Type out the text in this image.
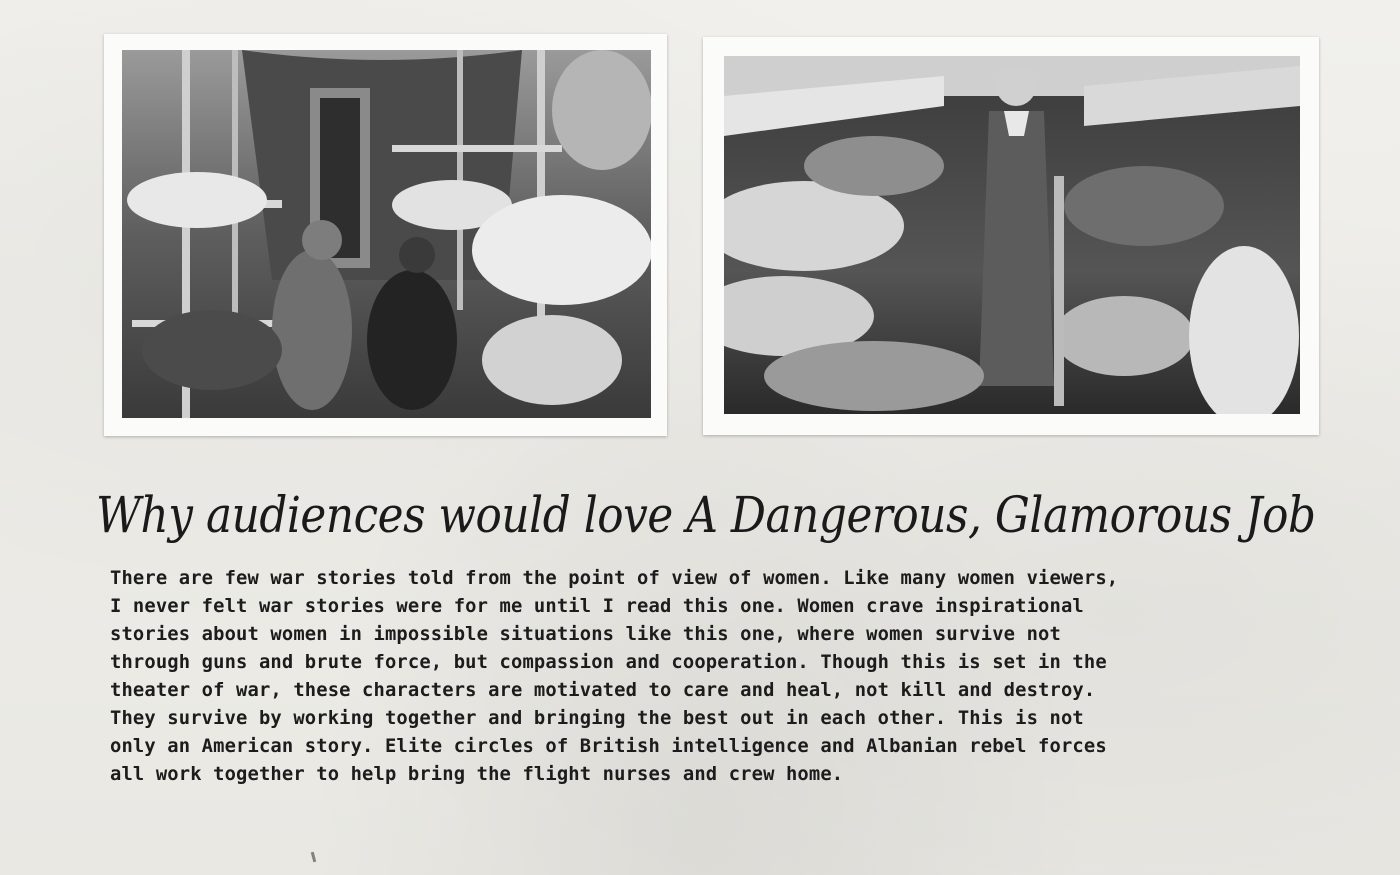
Why audiences would love A Dangerous, Glamorous Job
There are few war stories told from the point of view of women. Like many women viewers,
I never felt war stories were for me until I read this one. Women crave inspirational
stories about women in impossible situations like this one, where women survive not
through guns and brute force, but compassion and cooperation. Though this is set in the
theater of war, these characters are motivated to care and heal, not kill and destroy.
They survive by working together and bringing the best out in each other. This is not
only an American story. Elite circles of British intelligence and Albanian rebel forces
all work together to help bring the flight nurses and crew home.
